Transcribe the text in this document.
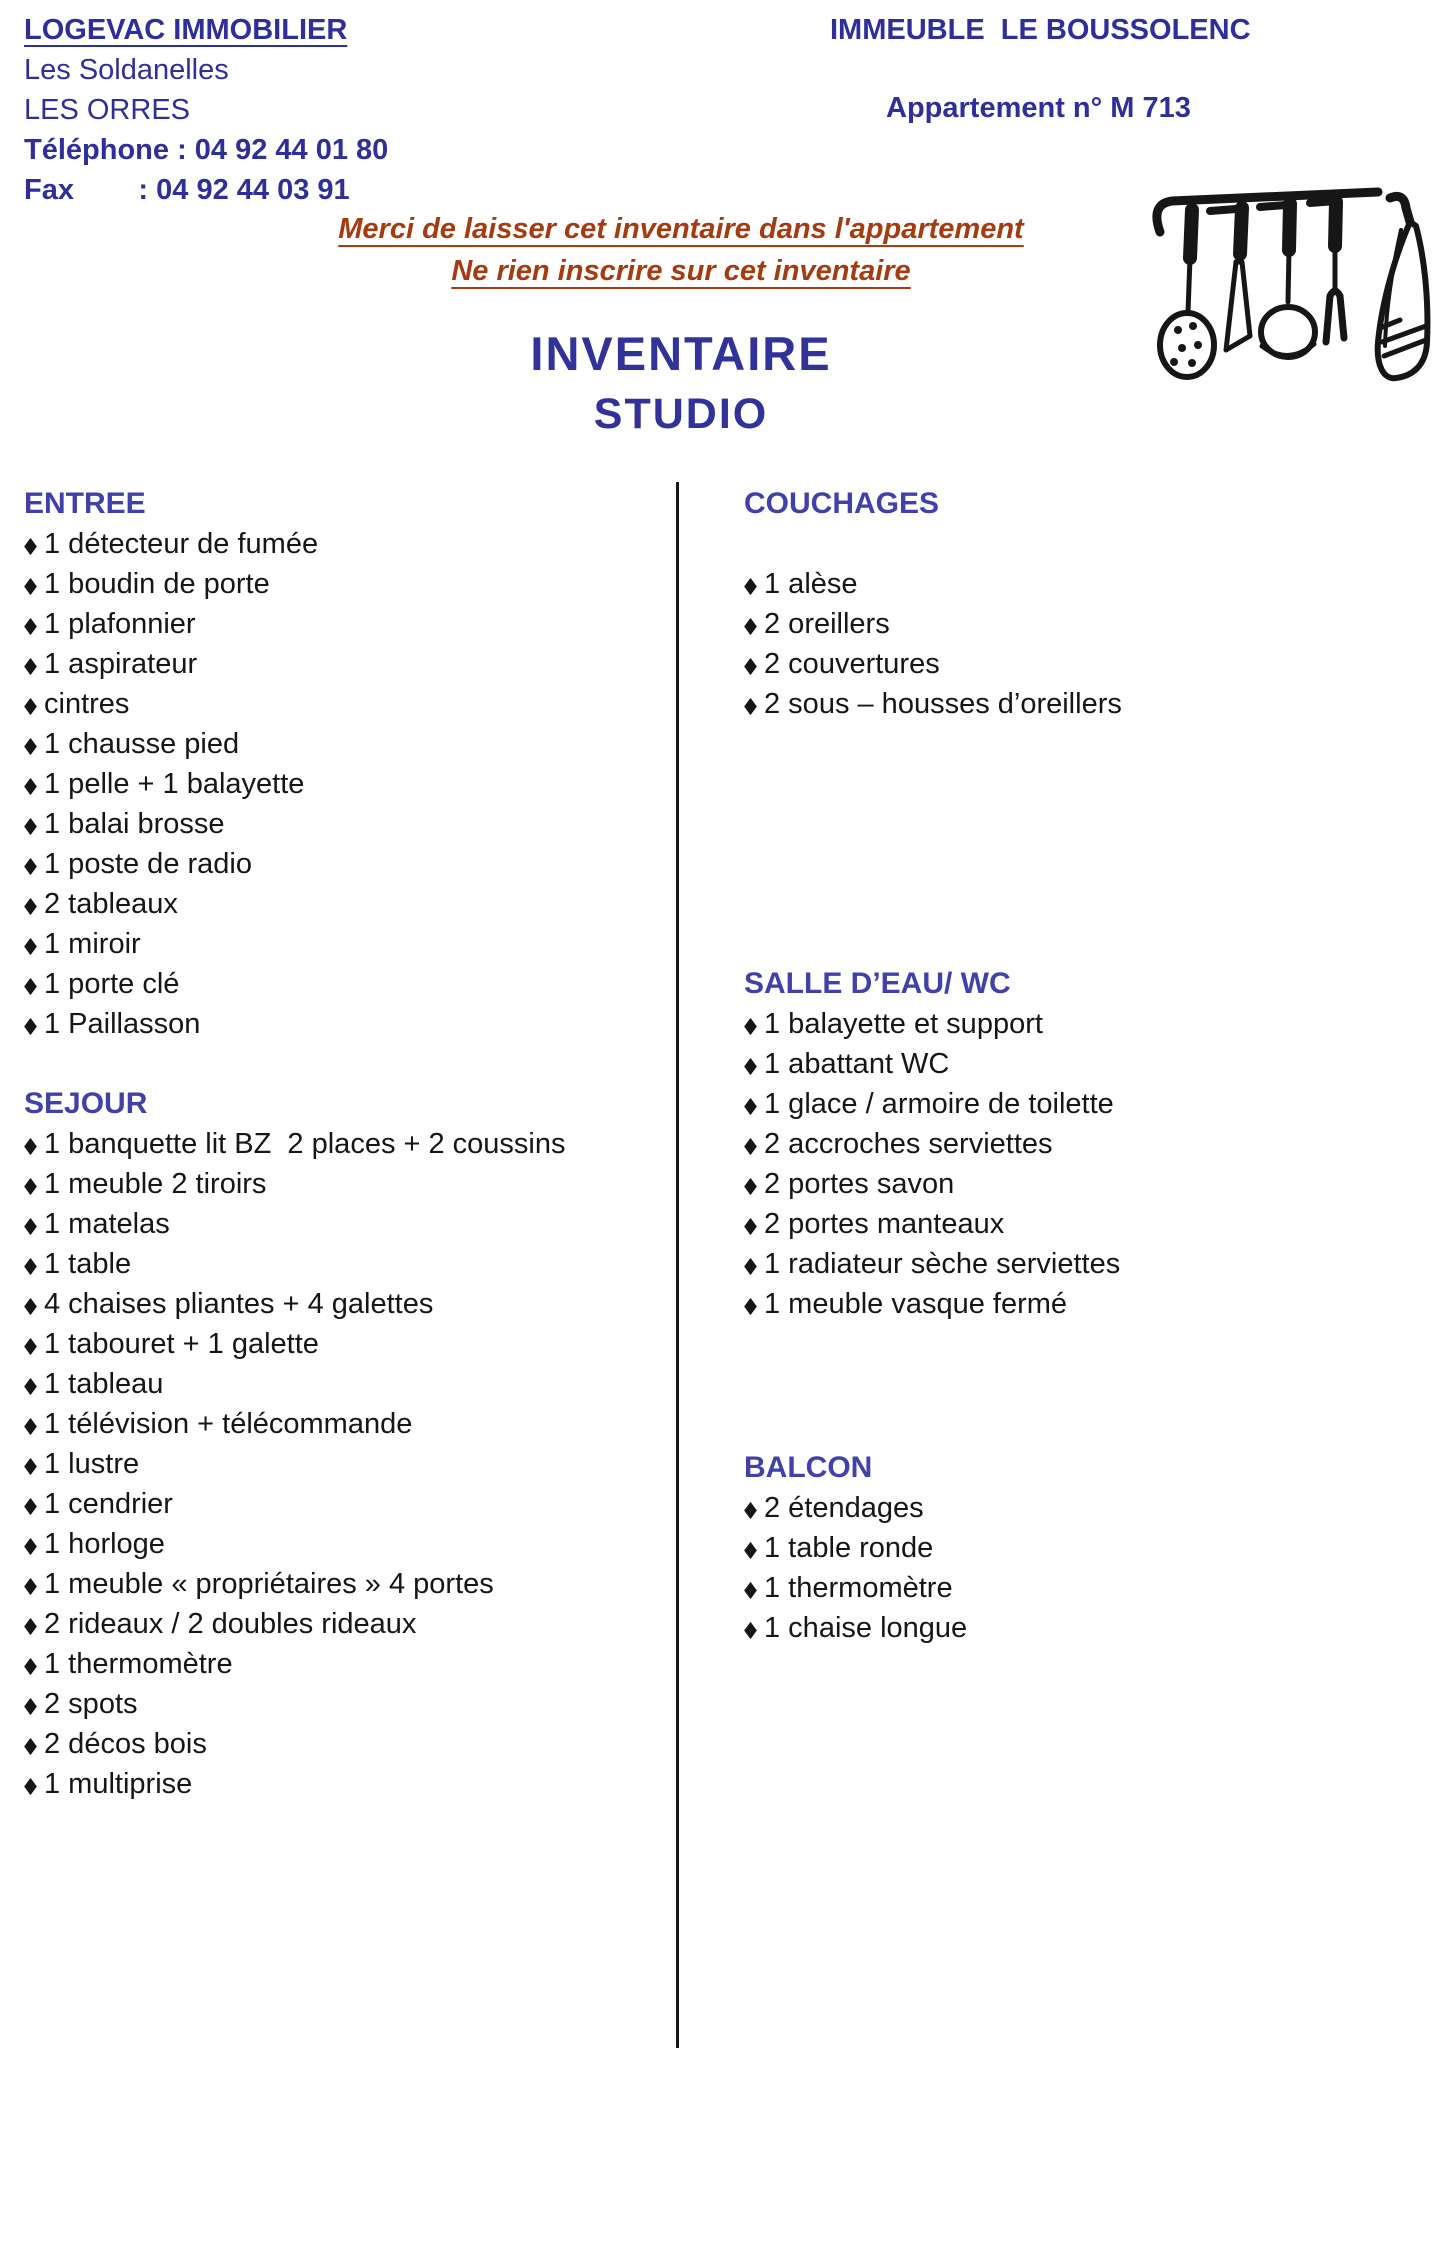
LOGEVAC IMMOBILIER
Les Soldanelles
LES ORRES
Téléphone : 04 92 44 01 80
Fax        : 04 92 44 03 91
IMMEUBLE  LE BOUSSOLENC
Appartement n° M 713
Merci de laisser cet inventaire dans l'appartement
Ne rien inscrire sur cet inventaire
INVENTAIRE
STUDIO
ENTREE
1 détecteur de fumée
1 boudin de porte
1 plafonnier
1 aspirateur
cintres
1 chausse pied
1 pelle + 1 balayette
1 balai brosse
1 poste de radio
2 tableaux
1 miroir
1 porte clé
1 Paillasson
SEJOUR
1 banquette lit BZ  2 places + 2 coussins
1 meuble 2 tiroirs
1 matelas
1 table
4 chaises pliantes + 4 galettes
1 tabouret + 1 galette
1 tableau
1 télévision + télécommande
1 lustre
1 cendrier
1 horloge
1 meuble « propriétaires » 4 portes
2 rideaux / 2 doubles rideaux
1 thermomètre
2 spots
2 décos bois
1 multiprise
COUCHAGES
1 alèse
2 oreillers
2 couvertures
2 sous – housses d’oreillers
SALLE D’EAU/ WC
1 balayette et support
1 abattant WC
1 glace / armoire de toilette
2 accroches serviettes
2 portes savon
2 portes manteaux
1 radiateur sèche serviettes
1 meuble vasque fermé
BALCON
2 étendages
1 table ronde
1 thermomètre
1 chaise longue
